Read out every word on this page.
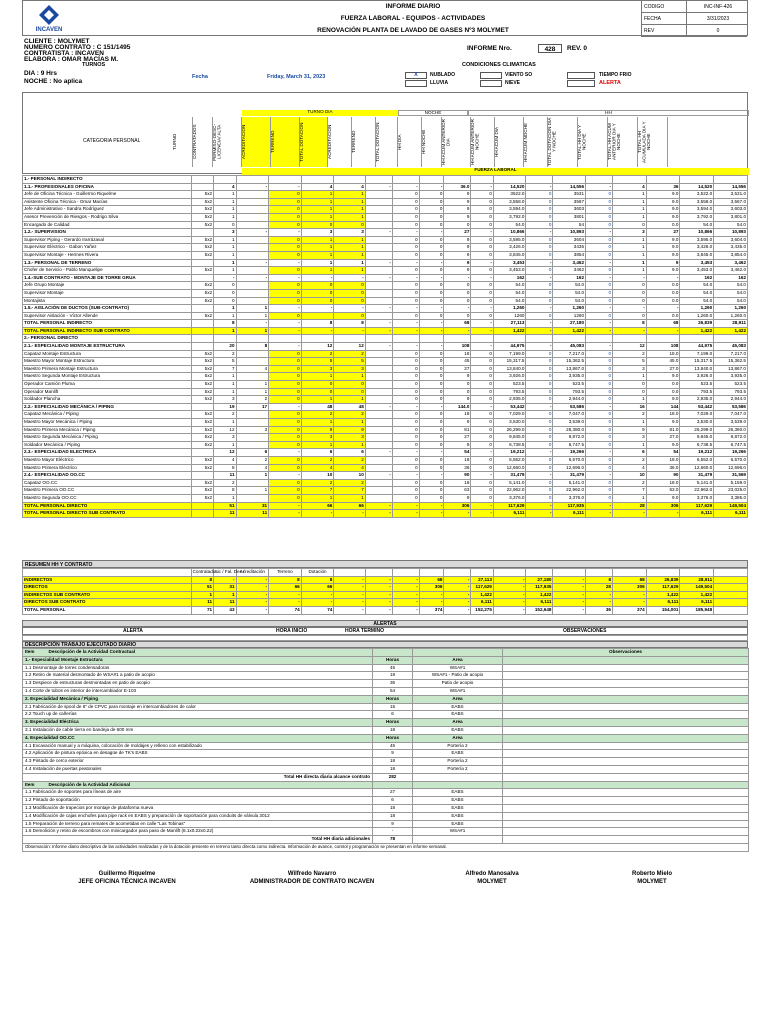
INCAVEN
INFORME DIARIO
FUERZA LABORAL - EQUIPOS - ACTIVIDADES
RENOVACIÓN PLANTA DE LAVADO DE GASES Nº3 MOLYMET
CODIGO	INC-INF-426
FECHA	3/31/2023
REV	0
CLIENTE : MOLYMET
NUMERO CONTRATO : C 151/1495
CONTRATISTA : INCAVEN
ELABORA : OMAR MACÍAS M.
INFORME Nro.	428	REV. 0
TURNOS	CONDICIONES CLIMATICAS
DIA : 9 Hrs
NOCHE : No aplica
Fecha	Friday, March 31, 2023	X	NUBLADO
LLUVIA
VIENTO SO
NIEVE
TIEMPO FRIO
ALERTA
TURNO DIA	NOCHE	HH
CATEGORIA PERSONAL	TURNO	CONTRATADOS	PERMISO-DESC-LICENCIA/ ALTA	ACREDITACION	TERRENO	TOTAL DOTACION	ACREDITACION	TERRENO	TOTAL DOTACION	HH DIA	HH NOCHE	HH ACUM ANTERIOR DIA	HH ACUM ANTERIOR NOCHE	HH ACUM DIA	HH ACUM NOCHE	TOTAL DOTACION DIA Y NOCHE	TOTAL HH DIA Y NOCHE	TOTAL HH ACUM ANTERIOR DIA Y NOCHE	TOTAL HH ACUMULADA DIA Y NOCHE
FUERZA LABORAL
1.- PERSONAL INDIRECTO																			
1.1.- PROFESIONALES OFICINA		4	-	-	4	4	-	-	-	36.0	-	14,520	-	14,556	-	4	36	14,520	14,556
Jefe de Oficina Técnica - Guillermo Riquelme	5x2	1		0	1	1		0	0	9	0	3522.0	0	3531	0	1	9.0	3,522.0	3,531.0
Asistente Oficina Técnica - Omar Macías	5x2	1		0	1	1		0	0	9	0	3,558.0	0	3567	0	1	9.0	3,558.0	3,567.0
Jefe Administrativo - Sandra Rodríguez	5x2	1		0	1	1		0	0	9	0	3,594.0	0	3603	0	1	9.0	3,594.0	3,603.0
Asesor Prevención de Riesgos - Rodrigo Silva	5x2	1		0	1	1		0	0	9	0	3,792.0	0	3801	0	1	9.0	3,792.0	3,801.0
Encargado de Calidad	5x2	0		0	0	0		0	0	0	0	54.0	0	54	0	0	0.0	54.0	54.0
1.2.- SUPERVISION		3	-	-	3	3	-	-	-	27	-	10,866	-	10,893	-	3	27	10,866	10,893
Supervisor Piping - Gerardo Irarrázaval	5x2	1		0	1	1		0	0	9	0	3,595.0	0	3604	0	1	9.0	3,595.0	3,604.0
Supervisor Eléctrico - Gabon Yañez	5x2	1		0	1	1		0	0	9	0	3,426.0	0	3435	0	1	9.0	3,426.0	3,435.0
Supervisor Montaje - Hermes Rivera	5x2	1		0	1	1		0	0	9	0	3,845.0	0	3854	0	1	9.0	3,845.0	3,854.0
1.3.- PERSONAL DE TERRENO		1	-	-	1	1	-	-	-	9	-	3,453	-	3,462	-	1	9	3,453	3,462
Chofer de Servicio - Pablo Manquelipe	5x2	1		0	1	1		0	0	9	0	3,453.0	0	3462	0	1	9.0	3,453.0	3,462.0
1.4.-SUB CONTRATO - MONTAJE DE TORRE GRUA		-	-	-	-	-	-	-	-	-	-	162	-	162	-	-	-	162	162
Jefe Grupo Montaje	5x2	0		0	0	0		0	0	0	0	54.0	0	54.0	0	0	0.0	54.0	54.0
Supervisor Montaje	5x2	0		0	0	0		0	0	0	0	54.0	0	54.0	0	0	0.0	54.0	54.0
Montajista	5x2	0		0	0	0		0	0	0	0	54.0	0	54.0	0	0	0.0	54.0	54.0
1.5.- AISLACIÓN DE DUCTOS (SUB-CONTRATO)		1	1	-	-	-	-	-	-	-	-	1,260	-	1,260	-	-	-	1,260	1,260
Supervisor Aislación - Víctor Allende	5x2	1	1	0		0		0	0	0	0	1260	0	1260	0	0	0.0	1,260.0	1,260.0
TOTAL PERSONAL INDIRECTO		8	-	-	8	8	-	-	-	68	-	27,113	-	27,180	-	8	68	26,839	28,911
TOTAL PERSONAL INDIRECTO SUB CONTRATO		1	1	-	-	-	-	-	-	-	-	1,422	-	1,422	-	-	-	1,422	1,422
2.- PERSONAL DIRECTO																			
2.1.- ESPECIALIDAD MONTAJE ESTRUCTURA		20	8	-	12	12	-	-	-	108	-	44,975	-	45,083	-	12	108	44,975	45,083
Capataz Montaje Estructura	5x2	2		0	2	2		0	0	18	0	7,199.0	0	7,217.0	0	2	18.0	7,199.0	7,217.0
Maestro Mayor Montaje Estructura	5x2	5		0	5	5		0	0	45	0	15,317.5	0	15,362.5	0	5	45.0	15,317.5	15,362.5
Maestro Primera Montaje Estructura	5x2	7	4	0	3	3		0	0	27	0	13,840.0	0	13,867.0	0	3	27.0	13,840.0	13,867.0
Maestro Segunda Montaje Estructura	5x2	1		0	1	1		0	0	9	0	3,926.0	0	3,935.0	0	1	9.0	3,926.0	3,935.0
Operador Camión Pluma	5x2	1	1	0	0	0		0	0	0	0	523.5	0	523.5	0	0	0.0	523.5	523.5
Operador Manlift	5x2	1	1	0	0	0		0	0	0	0	793.5	0	793.5	0	0	0.0	793.5	793.5
Soldador Plancha	5x2	3	2	0	1	1		0	0	9	0	2,935.0	0	2,944.0	0	1	9.0	2,935.0	2,944.0
2.2.- ESPECIALIDAD MECÁNICA / PIPING		19	17	-	48	48	-	-	-	144.0	-	53,442	-	53,586	-	16	144	53,442	53,586
Capataz Mecánica / Piping	5x2	2		0	2	2		0	0	18	0	7,029.0	0	7,047.0	0	2	18.0	7,029.0	7,047.0
Maestro Mayor Mecánica / Piping	5x2	1		0	1	1		0	0	9	0	3,530.0	0	3,539.0	0	1	9.0	3,530.0	3,539.0
Maestro Primera Mecánica / Piping	5x2	12	3	0	9	9		0	0	81	0	26,299.0	0	26,380.0	0	9	81.0	26,299.0	26,380.0
Maestro Segunda Mecánica / Piping	5x2	3		0	3	3		0	0	27	0	9,845.0	0	9,872.0	0	3	27.0	9,845.0	9,872.0
Soldador Mecánica / Piping	5x2	1		0	1	1		0	0	9	0	6,738.5	0	6,747.5	0	1	9.0	6,738.5	6,747.5
2.3.- ESPECIALIDAD ELECTRICA		12	6	-	6	6	-	-	-	54	-	19,212	-	19,266	-	6	54	19,212	19,266
Maestro Mayor Eléctrico	5x2	4	2	0	2	2		0	0	18	0	6,552.0	0	6,570.0	0	2	18.0	6,552.0	6,570.0
Maestro Primera Eléctrico	5x2	8	4	0	4	4		0	0	36	0	12,660.0	0	12,696.0	0	4	36.0	12,660.0	12,696.0
2.4.- ESPECIALIDAD OO.CC		11	1	-	10	10	-	-	-	90	-	31,479	-	31,479	-	10	90	31,479	31,569
Capataz OO.CC	5x2	2		0	2	2		0	0	18	0	5,141.0	0	5,141.0	0	2	18.0	5,141.0	5,159.0
Maestro Primera OO.CC	5x2	8	1	0	7	7		0	0	63	0	22,962.0	0	22,962.0	0	7	63.0	22,962.0	23,025.0
Maestro Segunda OO.CC	5x2	1		0	1	1		0	0	9	0	3,376.0	0	3,376.0	0	1	9.0	3,376.0	3,385.0
TOTAL PERSONAL DIRECTO		51	31	-	66	66	-	-	-	306	-	117,629	-	117,935	-	28	306	117,629	149,504
TOTAL PERSONAL DIRECTO SUB CONTRATO		11	11	-	-	-	-	-	-	-	-	6,111	-	6,111	-	-	-	6,111	6,111
RESUMEN HH Y CONTRATO
	Contratados	Lic / Fal. Des /	Acreditación	Terreno	Dotación														
INDIRECTOS	8	-	-	8	8	-	-	-	68	-	27,113	-	27,180	-	8	68	26,839	28,911	
DIRECTOS	51	31	-	66	66	-	-	-	306	-	117,629	-	117,935	-	28	306	117,629	149,504	
INDIRECTOS SUB CONTRATO	1	1	-	-	-	-	-	-	-	-	1,422	-	1,422	-	-	-	1,422	1,422	
DIRECTOS SUB CONTRATO	11	11	-	-	-	-	-	-	-	-	6,111	-	6,111	-	-	-	6,111	6,111	
TOTAL PERSONAL	71	43	-	74	74	-	-	-	374	-	152,275	-	152,648	-	36	374	154,001	185,948	
ALERTAS
ALERTA	HORA INICIO	HORA TERMINO	OBSERVACIONES
DESCRIPCIÓN TRABAJO EJECUTADO DIARIO
Item Descripción de la Actividad Contractual			Observaciones
1.- Especialidad Montaje Estructura	Horas	Area	
1.1 Desmontaje de torres condensadoras	45	WSA#1	
1.2 Retiro de material desmontado de WSA#1 a patio de acopio	18	WSA#1 - Patio de acopio	
1.3 Despiece de estructuras desmontadas en patio de acopio	36	Patio de acopio	
1.4 Corte de tubos en interior de intercambiador E-103	54	WSA#1	
2. Especialidad Mecánica / Piping	Horas	Area	
2.1 Fabricación de spool de 6" de CPVC para montaje en intercambiadores de calor	15	EABS	
2.2 Touch up de cañerías	6	EABS	
3. Especialidad Eléctrica	Horas	Area	
3.1 Instalación de cable tierra en bandeja de 600 mm	18	EABS	
4. Especialidad OO.CC	Horas	Area	
4.1 Excavación manual y a máquina, colocación de moldajes y relleno con estabilizado	45	Portería 2	
4.2 Aplicación de pintura epóxica en desagüe de TK's EABS	9	EABS	
4.3 Pintado de cerco exterior	18	Portería 2	
4.4 Instalación de puertas peatonales	18	Portería 2	
Total HH directa diaria alcance contrato	282		
Item Descripción de la Actividad Adicional			
1.1 Fabricación de soportes para líneas de aire	27	EABS	
1.2 Pintado de soportación	6	EABS	
1.3 Modificación de trapecios por montaje de plataforma nueva	18	EABS	
1.4 Modificación de cajas enchufes para pipe rack en EABS y preparación de soportación para conduits de válvula 3012	18	EABS	
1.5 Preparación de terreno para remates de acometidas en calle "Las Tobinas"	9	EABS	
1.6 Demolición y retiro de escombros con minicargador para paso de Manlift (8.1x0.22x0.22)	-	WSA#1	
Total HH diaria adicionales	78		
Observación: Informe diario descriptivo de las actividades realizadas y de la dotación presente en terreno tanto directa como indirecta. Información de avance, control y programación se presentan en informe semanal.			
Guillermo Riquelme
JEFE OFICINA TÉCNICA INCAVEN
Wilfredo Navarro
ADMINISTRADOR DE CONTRATO INCAVEN
Alfredo Manosalva
MOLYMET
Roberto Mielo
MOLYMET
